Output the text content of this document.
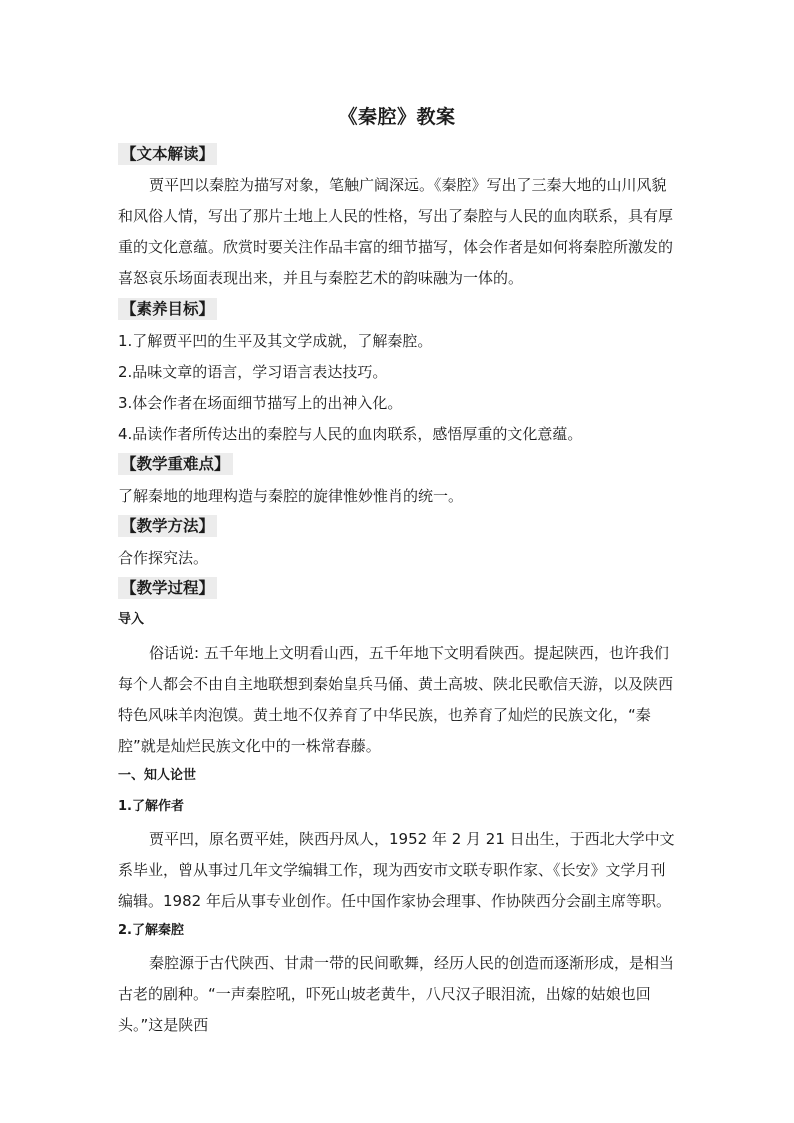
《秦腔》教案
【文本解读】

贾平凹以秦腔为描写对象，笔触广阔深远。《秦腔》写出了三秦大地的山川风貌和风俗人情，写出了那片土地上人民的性格，写出了秦腔与人民的血肉联系，具有厚重的文化意蕴。欣赏时要关注作品丰富的细节描写，体会作者是如何将秦腔所激发的喜怒哀乐场面表现出来，并且与秦腔艺术的韵味融为一体的。

【素养目标】
1.了解贾平凹的生平及其文学成就，了解秦腔。
2.品味文章的语言，学习语言表达技巧。
3.体会作者在场面细节描写上的出神入化。
4.品读作者所传达出的秦腔与人民的血肉联系，感悟厚重的文化意蕴。
【教学重难点】
了解秦地的地理构造与秦腔的旋律惟妙惟肖的统一。
【教学方法】
合作探究法。
【教学过程】
导入

俗话说: 五千年地上文明看山西，五千年地下文明看陕西。提起陕西，也许我们每个人都会不由自主地联想到秦始皇兵马俑、黄土高坡、陕北民歌信天游，以及陕西特色风味羊肉泡馍。黄土地不仅养育了中华民族，也养育了灿烂的民族文化，“秦腔”就是灿烂民族文化中的一株常春藤。

一、知人论世
1.了解作者

贾平凹，原名贾平娃，陕西丹凤人，1952 年 2 月 21 日出生，于西北大学中文系毕业，曾从事过几年文学编辑工作，现为西安市文联专职作家、《长安》文学月刊编辑。1982 年后从事专业创作。任中国作家协会理事、作协陕西分会副主席等职。

2.了解秦腔

秦腔源于古代陕西、甘肃一带的民间歌舞，经历人民的创造而逐渐形成，是相当古老的剧种。“一声秦腔吼，吓死山坡老黄牛，八尺汉子眼泪流，出嫁的姑娘也回头。”这是陕西
